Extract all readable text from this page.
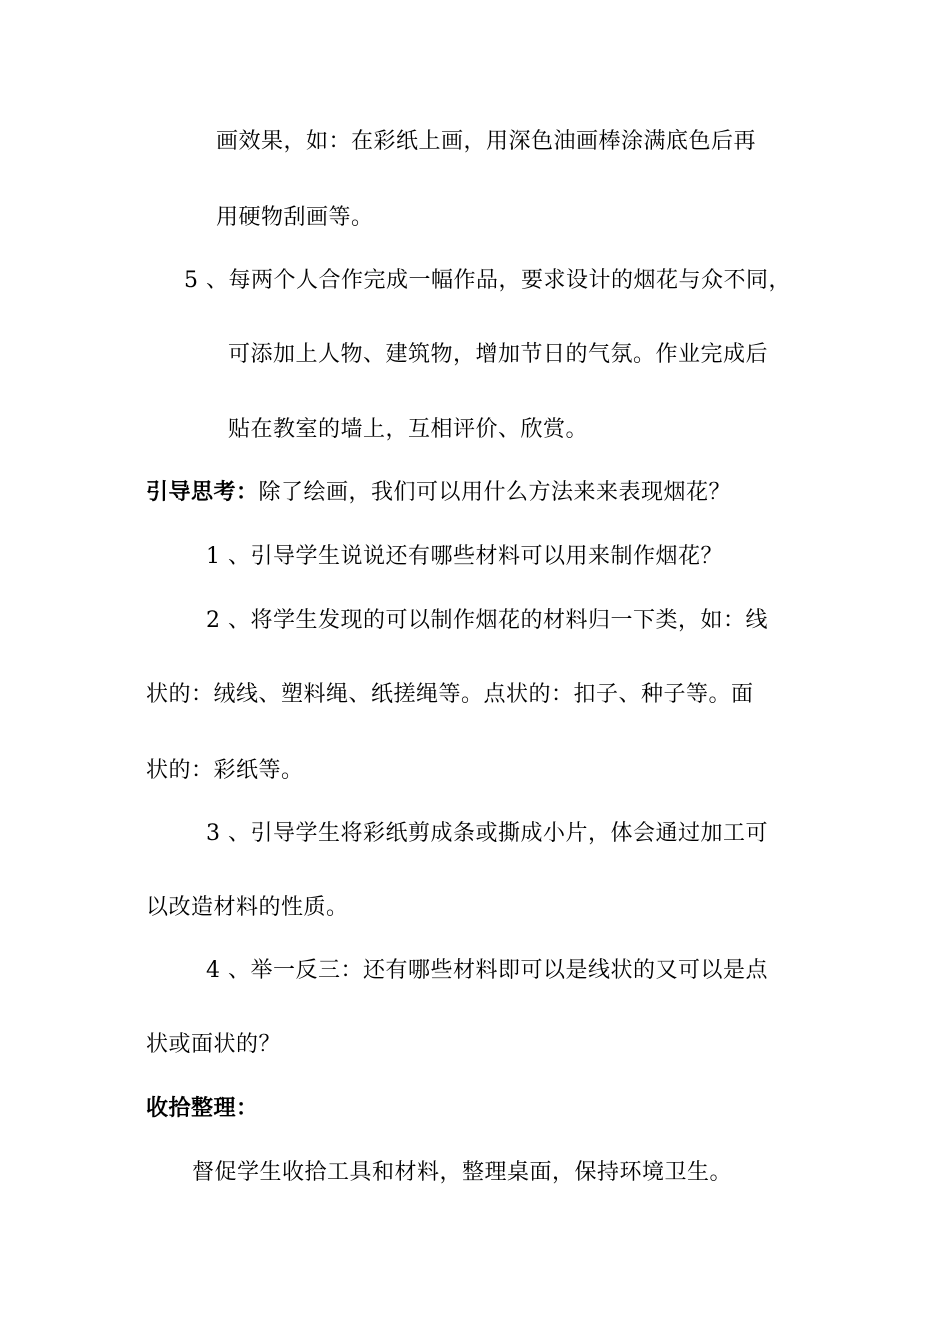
画效果，如：在彩纸上画，用深色油画棒涂满底色后再
用硬物刮画等。
5 、每两个人合作完成一幅作品，要求设计的烟花与众不同，
可添加上人物、建筑物，增加节日的气氛。作业完成后
贴在教室的墙上，互相评价、欣赏。
引导思考：除了绘画，我们可以用什么方法来来表现烟花？
1 、引导学生说说还有哪些材料可以用来制作烟花？
2 、将学生发现的可以制作烟花的材料归一下类，如：线
状的：绒线、塑料绳、纸搓绳等。点状的：扣子、种子等。面
状的：彩纸等。
3 、引导学生将彩纸剪成条或撕成小片，体会通过加工可
以改造材料的性质。
4 、举一反三：还有哪些材料即可以是线状的又可以是点
状或面状的？
收拾整理：
督促学生收拾工具和材料，整理桌面，保持环境卫生。
